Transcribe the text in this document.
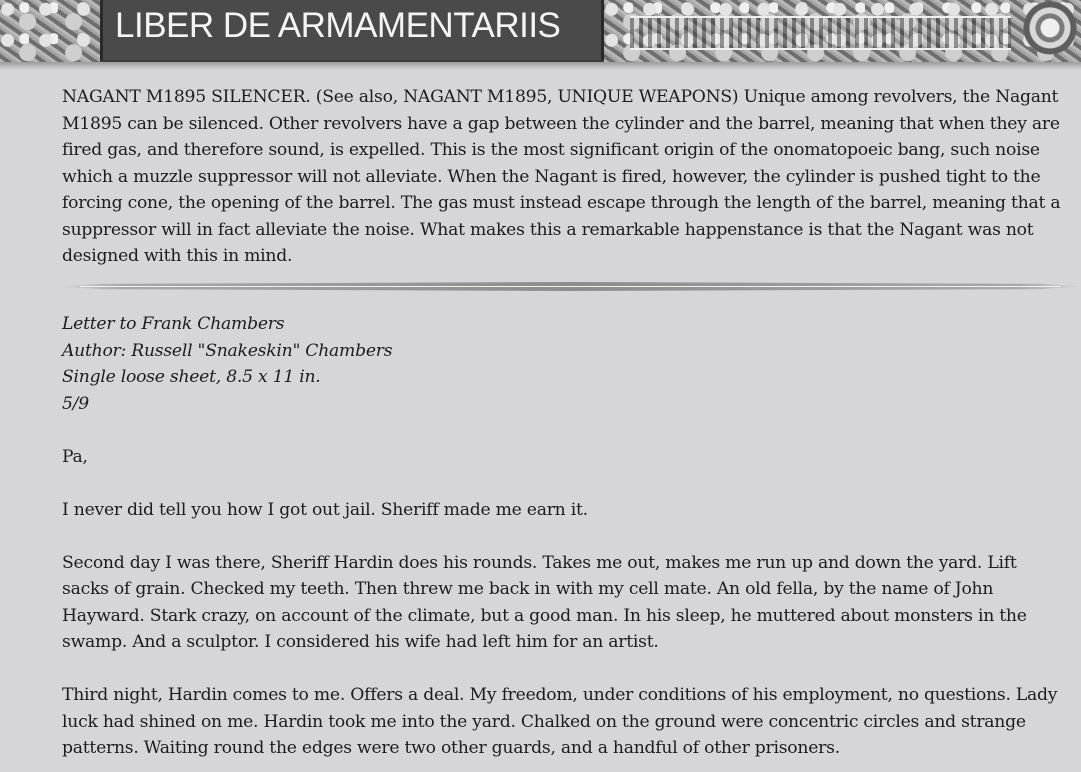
LIBER DE ARMAMENTARIIS

NAGANT M1895 SILENCER. (See also, NAGANT M1895, UNIQUE WEAPONS) Unique among revolvers, the Nagant M1895 can be silenced. Other revolvers have a gap between the cylinder and the barrel, meaning that when they are fired gas, and therefore sound, is expelled. This is the most significant origin of the onomatopoeic bang, such noise which a muzzle suppressor will not alleviate. When the Nagant is fired, however, the cylinder is pushed tight to the forcing cone, the opening of the barrel. The gas must instead escape through the length of the barrel, meaning that a suppressor will in fact alleviate the noise. What makes this a remarkable happenstance is that the Nagant was not designed with this in mind.

Letter to Frank Chambers

Author: Russell "Snakeskin" Chambers

Single loose sheet, 8.5 x 11 in.

5/9

Pa,

I never did tell you how I got out jail. Sheriff made me earn it.

Second day I was there, Sheriff Hardin does his rounds. Takes me out, makes me run up and down the yard. Lift sacks of grain. Checked my teeth. Then threw me back in with my cell mate. An old fella, by the name of John Hayward. Stark crazy, on account of the climate, but a good man. In his sleep, he muttered about monsters in the swamp. And a sculptor. I considered his wife had left him for an artist.

Third night, Hardin comes to me. Offers a deal. My freedom, under conditions of his employment, no questions. Lady luck had shined on me. Hardin took me into the yard. Chalked on the ground were concentric circles and strange patterns. Waiting round the edges were two other guards, and a handful of other prisoners.
